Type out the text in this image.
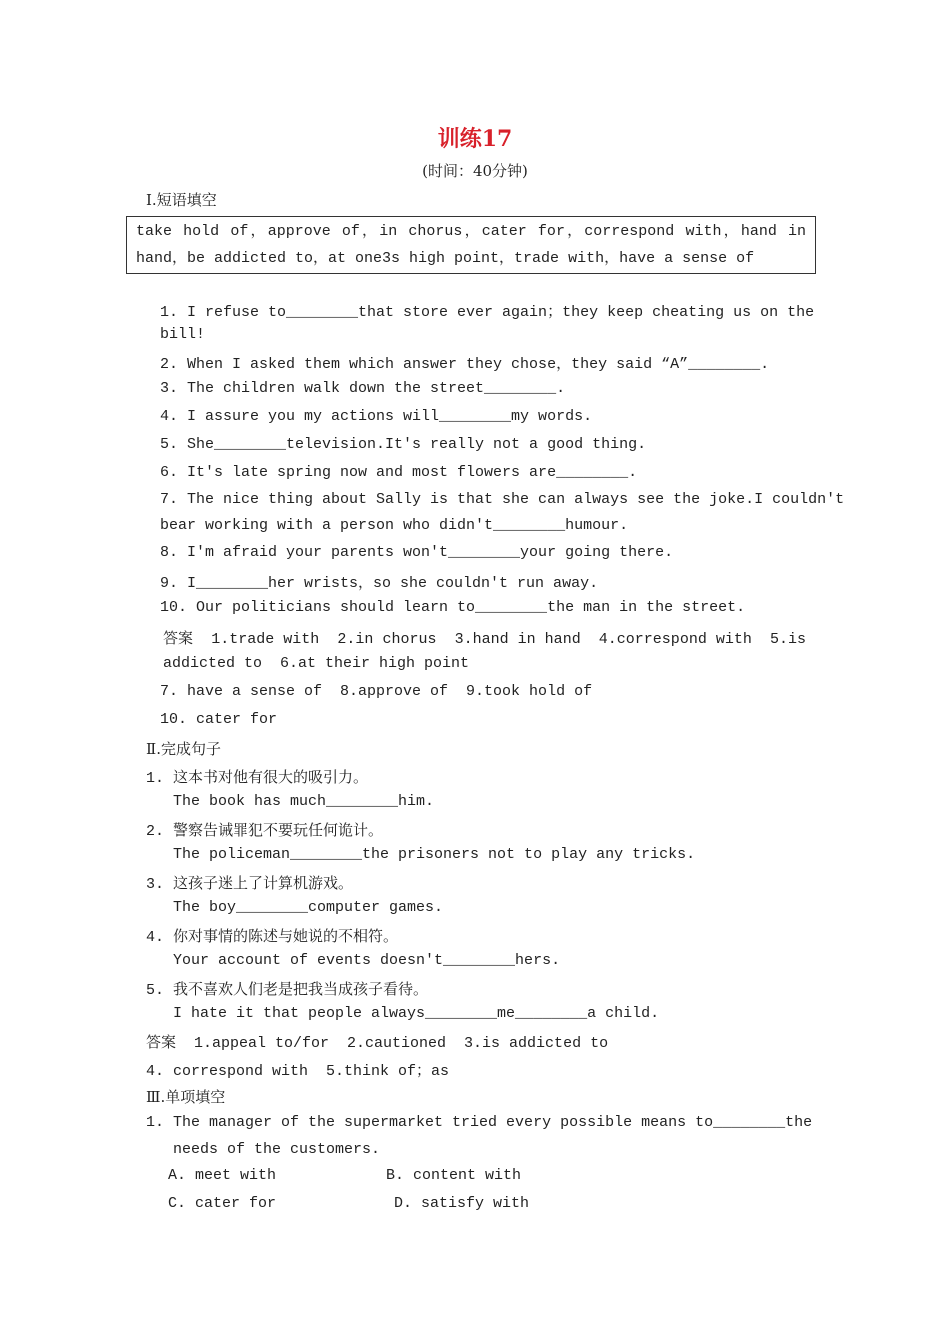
训练17
(时间：40分钟)
Ⅰ.短语填空
take hold of，approve of，in chorus，cater for，correspond with，hand in
hand，be addicted to，at one3s high point，trade with，have a sense of
1. I refuse to________that store ever again；they keep cheating us on the
bill!
2. When I asked them which answer they chose，they said “A”________.
3. The children walk down the street________.
4. I assure you my actions will________my words.
5. She________television.It's really not a good thing.
6. It's late spring now and most flowers are________.
7. The nice thing about Sally is that she can always see the joke.I couldn't
bear working with a person who didn't________humour.
8. I'm afraid your parents won't________your going there.
9. I________her wrists，so she couldn't run away.
10. Our politicians should learn to________the man in the street.
答案  1.trade with  2.in chorus  3.hand in hand  4.correspond with  5.is
addicted to  6.at their high point
7. have a sense of  8.approve of  9.took hold of
10. cater for
Ⅱ.完成句子
1. 这本书对他有很大的吸引力。
The book has much________him.
2. 警察告诫罪犯不要玩任何诡计。
The policeman________the prisoners not to play any tricks.
3. 这孩子迷上了计算机游戏。
The boy________computer games.
4. 你对事情的陈述与她说的不相符。
Your account of events doesn't________hers.
5. 我不喜欢人们老是把我当成孩子看待。
I hate it that people always________me________a child.
答案  1.appeal to/for  2.cautioned  3.is addicted to
4. correspond with  5.think of；as
Ⅲ.单项填空
1. The manager of the supermarket tried every possible means to________the
needs of the customers.
A. meet with	B. content with
C. cater for	D. satisfy with
